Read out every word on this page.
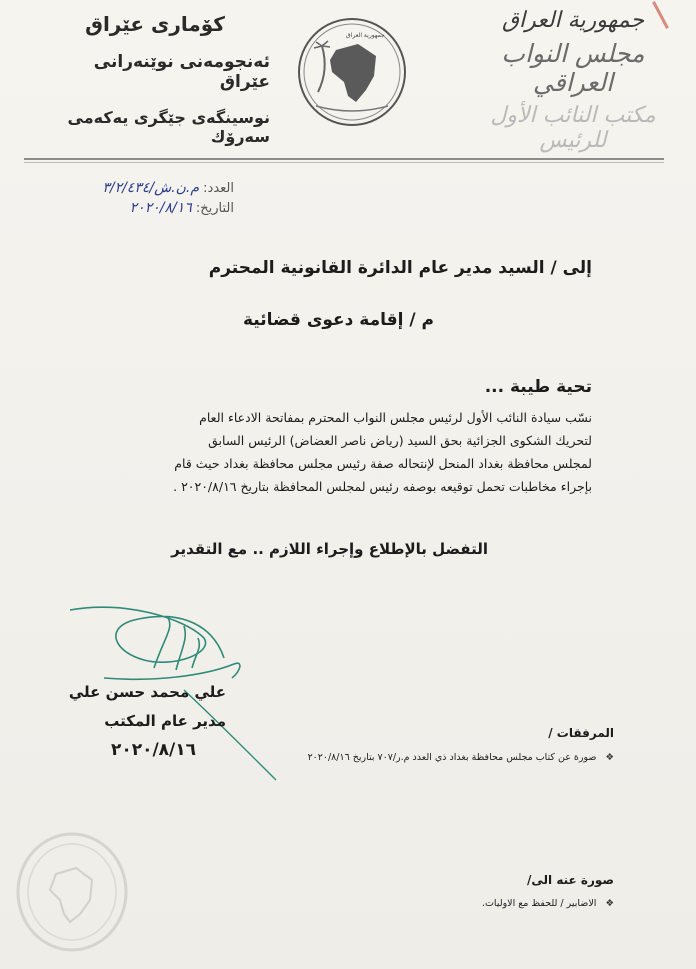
جمهورية العراق
مجلس النواب العراقي
مكتب النائب الأول للرئيس
جمهورية العراق
كۆماری عێراق
ئەنجومەنی نوێنەرانی عێراق
نوسینگەی جێگری یەكەمی سەرۆك
العدد: م.ن.ش/٣/٢/٤٣٤
التاريخ: ٢٠٢٠/٨/١٦
إلى / السيد مدير عام الدائرة القانونية المحترم
م / إقامة دعوى قضائية
تحية طيبة ...

نسّب سيادة النائب الأول لرئيس مجلس النواب المحترم بمفاتحة الادعاء العام

لتحريك الشكوى الجزائية بحق السيد (رياض ناصر العضاض) الرئيس السابق

لمجلس محافظة بغداد المنحل لإنتحاله صفة رئيس مجلس محافظة بغداد حيث قام

بإجراء مخاطبات تحمل توقيعه بوصفه رئيس لمجلس المحافظة بتاريخ ٢٠٢٠/٨/١٦ .

التفضل بالإطلاع وإجراء اللازم .. مع التقدير
علي محمد حسن علي
مدير عام المكتب
٢٠٢٠/٨/١٦
المرفقات /
❖ صورة عن كتاب مجلس محافظة بغداد ذي العدد م.ر/٧٠٧ بتاريخ ٢٠٢٠/٨/١٦
صورة عنه الى/
❖ الاضابير / للحفظ مع الاوليات.
